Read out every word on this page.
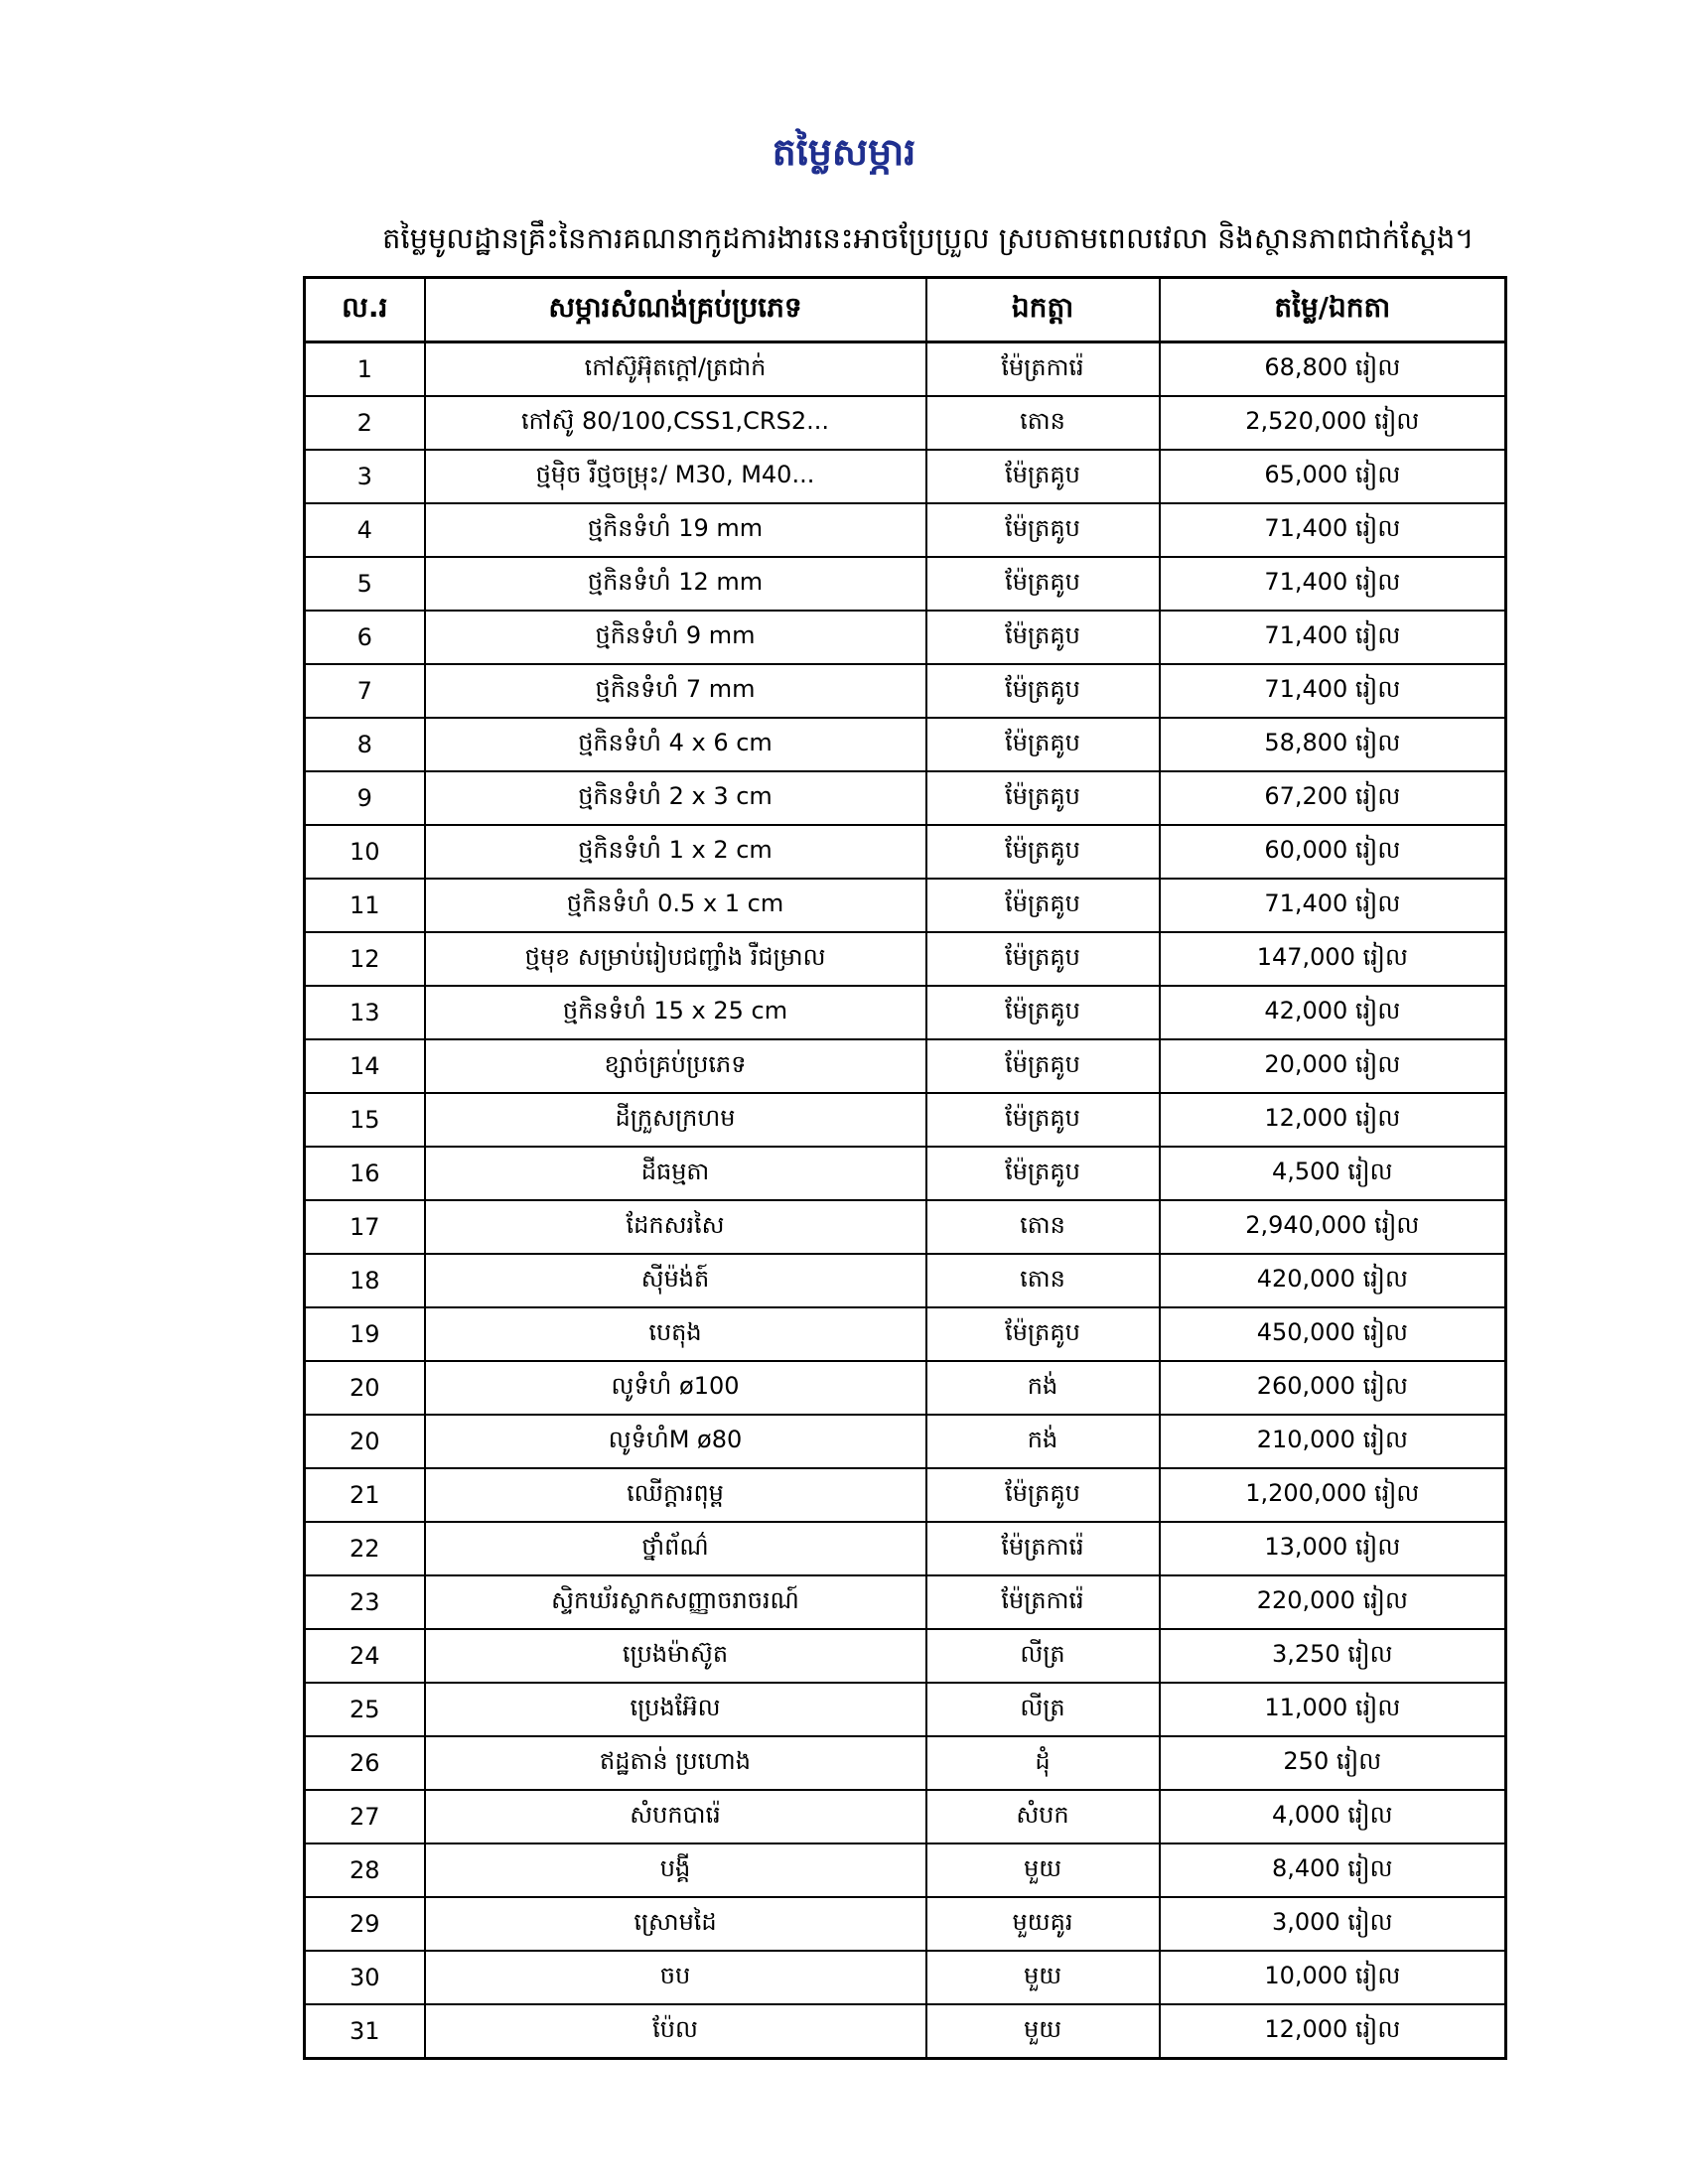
តម្លៃសម្ភារ

តម្លៃមូលដ្ឋានគ្រឹះនៃការគណនាកូដការងារនេះអាចប្រែប្រួល ស្របតាមពេលវេលា និងស្ថានភាពជាក់ស្តែង។

ល.រ	សម្ភារសំណង់គ្រប់ប្រភេទ	ឯកត្តា	តម្លៃ/ឯកតា
1	កៅស៊ូអ៊ុតក្តៅ/ត្រជាក់	ម៉ែត្រការ៉េ	68,800 រៀល
2	កៅស៊ូ 80/100,CSS1,CRS2...	តោន	2,520,000 រៀល
3	ថ្មម៉ិច រឺថ្មចម្រុះ/ M30, M40...	ម៉ែត្រគូប	65,000 រៀល
4	ថ្មកិនទំហំ 19 mm	ម៉ែត្រគូប	71,400 រៀល
5	ថ្មកិនទំហំ 12 mm	ម៉ែត្រគូប	71,400 រៀល
6	ថ្មកិនទំហំ 9 mm	ម៉ែត្រគូប	71,400 រៀល
7	ថ្មកិនទំហំ 7 mm	ម៉ែត្រគូប	71,400 រៀល
8	ថ្មកិនទំហំ 4 x 6 cm	ម៉ែត្រគូប	58,800 រៀល
9	ថ្មកិនទំហំ 2 x 3 cm	ម៉ែត្រគូប	67,200 រៀល
10	ថ្មកិនទំហំ 1 x 2 cm	ម៉ែត្រគូប	60,000 រៀល
11	ថ្មកិនទំហំ 0.5 x 1 cm	ម៉ែត្រគូប	71,400 រៀល
12	ថ្មមុខ សម្រាប់រៀបជញ្ជាំង រឺជម្រាល	ម៉ែត្រគូប	147,000 រៀល
13	ថ្មកិនទំហំ 15 x 25 cm	ម៉ែត្រគូប	42,000 រៀល
14	ខ្សាច់គ្រប់ប្រភេទ	ម៉ែត្រគូប	20,000 រៀល
15	ដីក្រួសក្រហម	ម៉ែត្រគូប	12,000 រៀល
16	ដីធម្មតា	ម៉ែត្រគូប	4,500 រៀល
17	ដែកសរសៃ	តោន	2,940,000 រៀល
18	ស៊ីម៉ង់ត៍	តោន	420,000 រៀល
19	បេតុង	ម៉ែត្រគូប	450,000 រៀល
20	លូទំហំ ø100	កង់	260,000 រៀល
20	លូទំហំM ø80	កង់	210,000 រៀល
21	ឈើក្តារពុម្ព	ម៉ែត្រគូប	1,200,000 រៀល
22	ថ្នាំព័ណ៌	ម៉ែត្រការ៉េ	13,000 រៀល
23	ស្ទិកឃ័រស្លាកសញ្ញាចរាចរណ៍	ម៉ែត្រការ៉េ	220,000 រៀល
24	ប្រេងម៉ាស៊ូត	លីត្រ	3,250 រៀល
25	ប្រេងអ៊ែល	លីត្រ	11,000 រៀល
26	ឥដ្ឋតាន់ ប្រហោង	ដុំ	250 រៀល
27	សំបកបារ៉េ	សំបក	4,000 រៀល
28	បង្គី	មួយ	8,400 រៀល
29	ស្រោមដៃ	មួយគូរ	3,000 រៀល
30	ចប	មួយ	10,000 រៀល
31	ប៉ែល	មួយ	12,000 រៀល
